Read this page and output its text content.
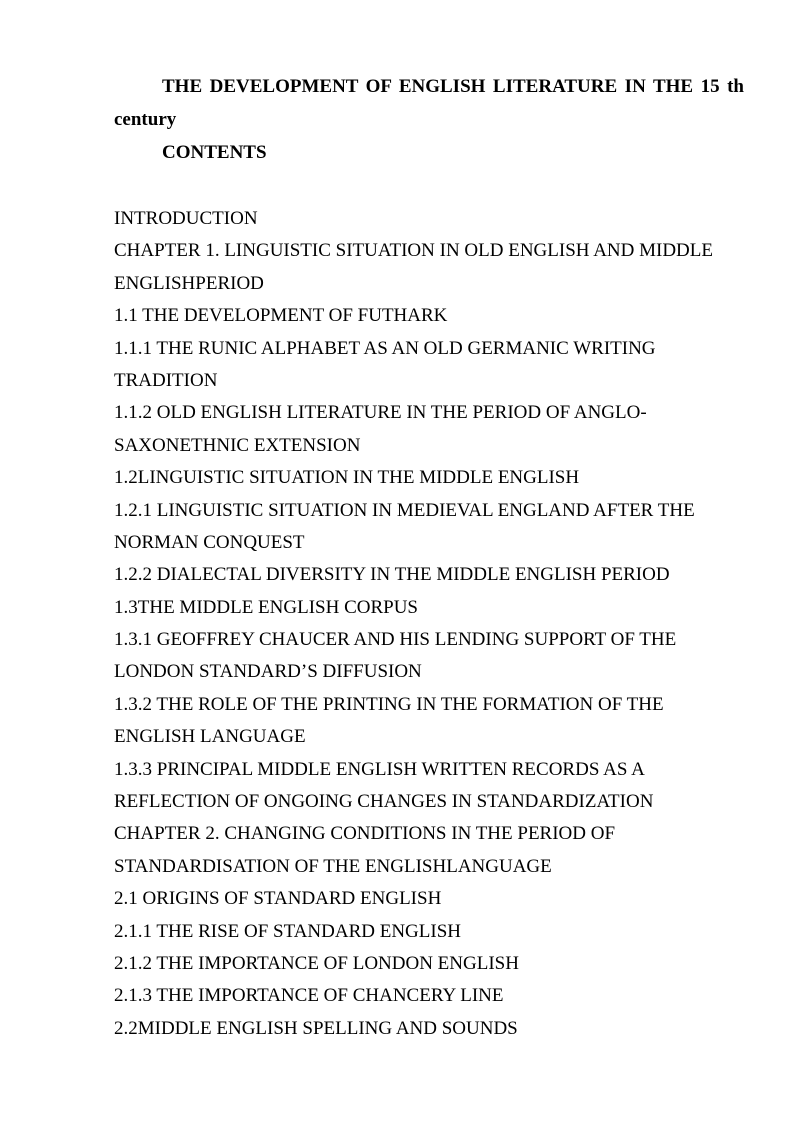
THE DEVELOPMENT OF ENGLISH LITERATURE IN THE 15 th
century
CONTENTS
INTRODUCTION
CHAPTER 1. LINGUISTIC SITUATION IN OLD ENGLISH AND MIDDLE
ENGLISHPERIOD
1.1 THE DEVELOPMENT OF FUTHARK
1.1.1 THE RUNIC ALPHABET AS AN OLD GERMANIC WRITING
TRADITION
1.1.2 OLD ENGLISH LITERATURE IN THE PERIOD OF ANGLO-
SAXONETHNIC EXTENSION
1.2LINGUISTIC SITUATION IN THE MIDDLE ENGLISH
1.2.1 LINGUISTIC SITUATION IN MEDIEVAL ENGLAND AFTER THE
NORMAN CONQUEST
1.2.2 DIALECTAL DIVERSITY IN THE MIDDLE ENGLISH PERIOD
1.3THE MIDDLE ENGLISH CORPUS
1.3.1 GEOFFREY CHAUCER AND HIS LENDING SUPPORT OF THE
LONDON STANDARD’S DIFFUSION
1.3.2 THE ROLE OF THE PRINTING IN THE FORMATION OF THE
ENGLISH LANGUAGE
1.3.3 PRINCIPAL MIDDLE ENGLISH WRITTEN RECORDS AS A
REFLECTION OF ONGOING CHANGES IN STANDARDIZATION
CHAPTER 2. CHANGING CONDITIONS IN THE PERIOD OF
STANDARDISATION OF THE ENGLISHLANGUAGE
2.1 ORIGINS OF STANDARD ENGLISH
2.1.1 THE RISE OF STANDARD ENGLISH
2.1.2 THE IMPORTANCE OF LONDON ENGLISH
2.1.3 THE IMPORTANCE OF CHANCERY LINE
2.2MIDDLE ENGLISH SPELLING AND SOUNDS
